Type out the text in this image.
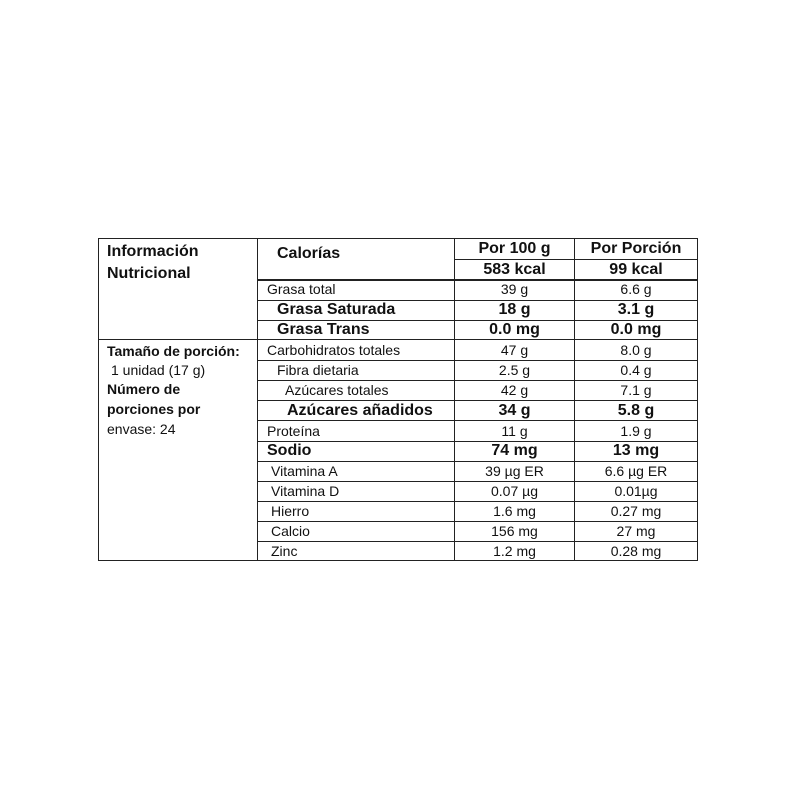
Información
Nutricional
Tamaño de porción:
1 unidad (17 g)
Número de
porciones por
envase: 24
Calorías	Por 100 g	Por Porción
583 kcal	99 kcal
Grasa total	39 g	6.6 g
Grasa Saturada	18 g	3.1 g
Grasa Trans	0.0 mg	0.0 mg
Carbohidratos totales	47 g	8.0 g
Fibra dietaria	2.5 g	0.4 g
Azúcares totales	42 g	7.1 g
Azúcares añadidos	34 g	5.8 g
Proteína	11 g	1.9 g
Sodio	74 mg	13 mg
Vitamina A	39 µg ER	6.6 µg ER
Vitamina D	0.07 µg	0.01µg
Hierro	1.6 mg	0.27 mg
Calcio	156 mg	27 mg
Zinc	1.2 mg	0.28 mg
